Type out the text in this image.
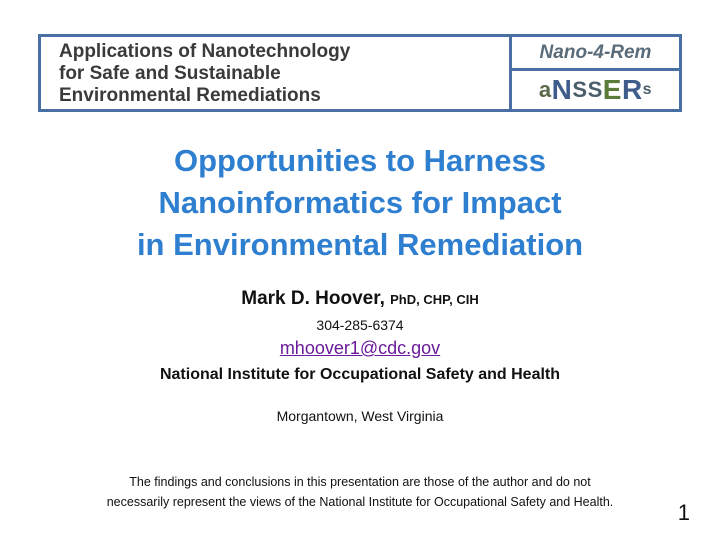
Applications of Nanotechnology
for Safe and Sustainable
Environmental Remediations
Nano-4-Rem
a N SS E R s
Opportunities to Harness
Nanoinformatics for Impact
in Environmental Remediation
Mark D. Hoover, PhD, CHP, CIH
304-285-6374
mhoover1@cdc.gov
National Institute for Occupational Safety and Health
Morgantown, West Virginia
The findings and conclusions in this presentation are those of the author and do not
necessarily represent the views of the National Institute for Occupational Safety and Health.	1
